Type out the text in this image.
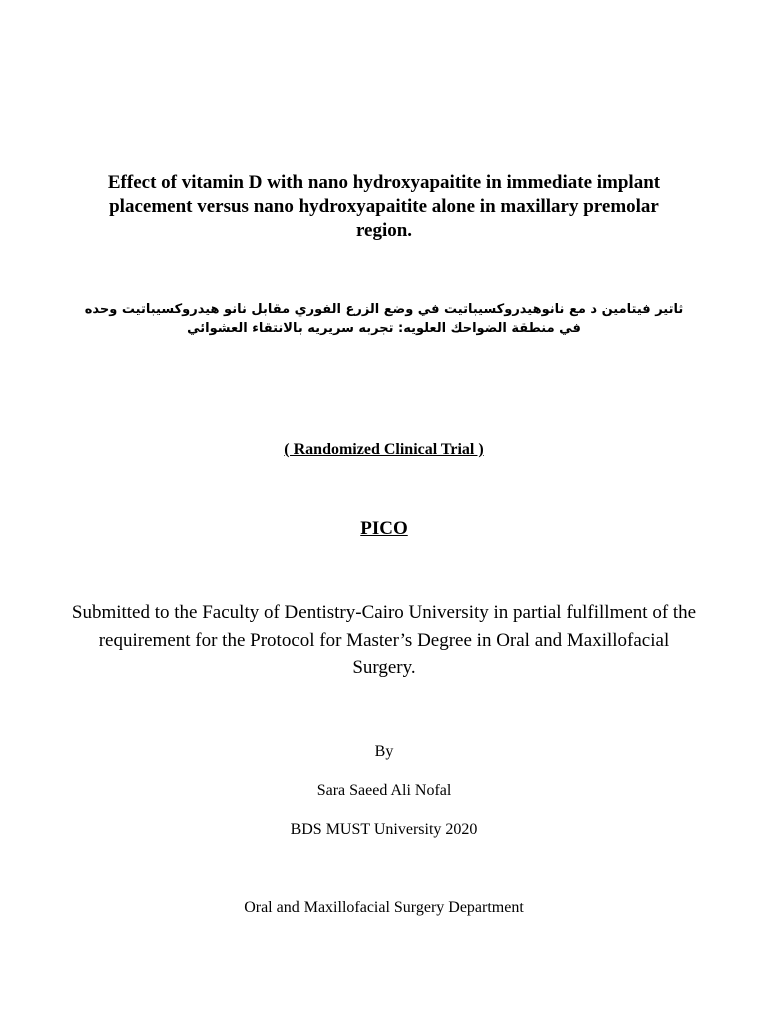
Effect of vitamin D with nano hydroxyapaitite in immediate implant placement versus nano hydroxyapaitite alone in maxillary premolar region.
ثاتير فيتامين د مع نانوهيدروكسيباتيت في وضع الزرع الفوري مقابل نانو هيدروكسيباتيت وحده في منطقة الضواحك العلويه: تجربه سريريه بالانتقاء العشوائي
( Randomized Clinical Trial )
PICO
Submitted to the Faculty of Dentistry-Cairo University in partial fulfillment of the requirement for the Protocol for Master’s Degree in Oral and Maxillofacial Surgery.
By
Sara Saeed Ali Nofal
BDS MUST University 2020
Oral and Maxillofacial Surgery Department
